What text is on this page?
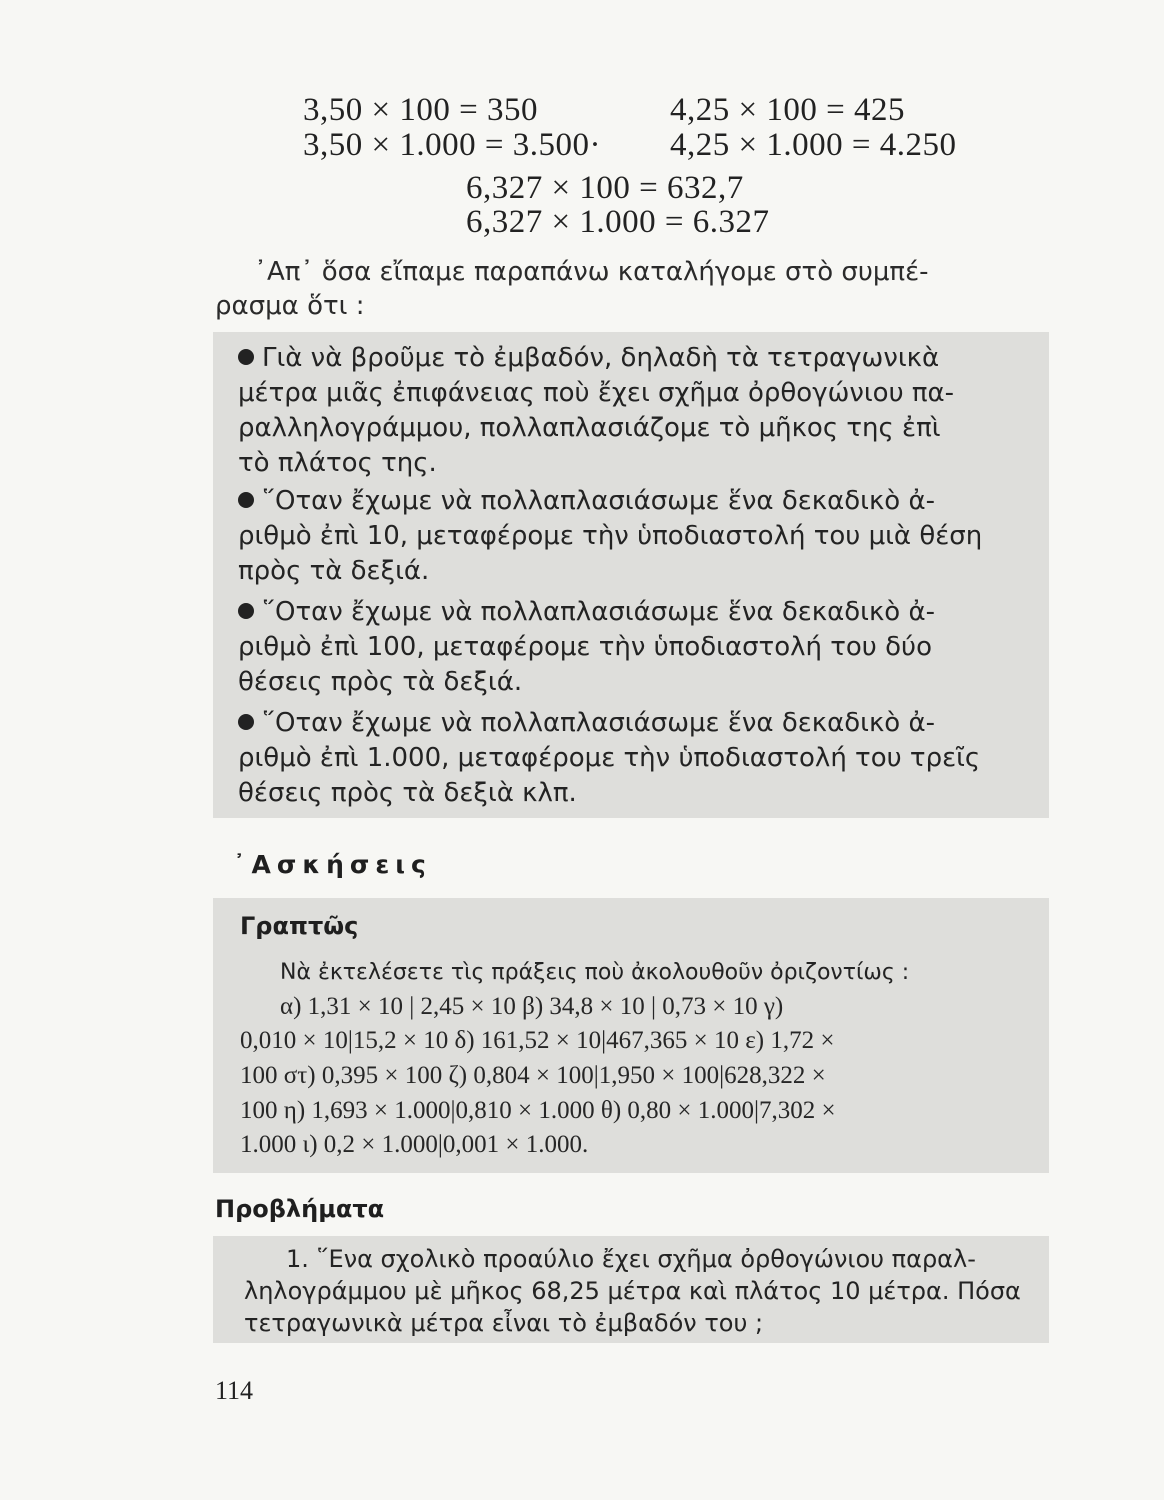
3,50 × 100 = 350	4,25 × 100 = 425
3,50 × 1.000 = 3.500· 4,25 × 1.000 = 4.250
6,327 × 100 = 632,7
6,327 × 1.000 = 6.327
᾿Απ᾿ ὅσα εἴπαμε παραπάνω καταλήγομε στὸ συμπέ-
ρασμα ὅτι :
Γιὰ νὰ βροῦμε τὸ ἐμβαδόν, δηλαδὴ τὰ τετραγωνικὰ
μέτρα μιᾶς ἐπιφάνειας ποὺ ἔχει σχῆμα ὀρθογώνιου πα-
ραλληλογράμμου, πολλαπλασιάζομε τὸ μῆκος της ἐπὶ
τὸ πλάτος της.
῞Οταν ἔχωμε νὰ πολλαπλασιάσωμε ἕνα δεκαδικὸ ἀ-
ριθμὸ ἐπὶ 10, μεταφέρομε τὴν ὑποδιαστολή του μιὰ θέση
πρὸς τὰ δεξιά.
῞Οταν ἔχωμε νὰ πολλαπλασιάσωμε ἕνα δεκαδικὸ ἀ-
ριθμὸ ἐπὶ 100, μεταφέρομε τὴν ὑποδιαστολή του δύο
θέσεις πρὸς τὰ δεξιά.
῞Οταν ἔχωμε νὰ πολλαπλασιάσωμε ἕνα δεκαδικὸ ἀ-
ριθμὸ ἐπὶ 1.000, μεταφέρομε τὴν ὑποδιαστολή του τρεῖς
θέσεις πρὸς τὰ δεξιὰ κλπ.
᾿Ασκήσεις
Γραπτῶς
Νὰ ἐκτελέσετε τὶς πράξεις ποὺ ἀκολουθοῦν ὀριζοντίως :
α) 1,31 × 10 | 2,45 × 10 β) 34,8 × 10 | 0,73 × 10 γ)
0,010 × 10|15,2 × 10 δ) 161,52 × 10|467,365 × 10 ε) 1,72 ×
100 στ) 0,395 × 100 ζ) 0,804 × 100|1,950 × 100|628,322 ×
100 η) 1,693 × 1.000|0,810 × 1.000 θ) 0,80 × 1.000|7,302 ×
1.000 ι) 0,2 × 1.000|0,001 × 1.000.
Προβλήματα
1. ῞Ενα σχολικὸ προαύλιο ἔχει σχῆμα ὀρθογώνιου παραλ-
ληλογράμμου μὲ μῆκος 68,25 μέτρα καὶ πλάτος 10 μέτρα. Πόσα
τετραγωνικὰ μέτρα εἶναι τὸ ἐμβαδόν του ;
114
